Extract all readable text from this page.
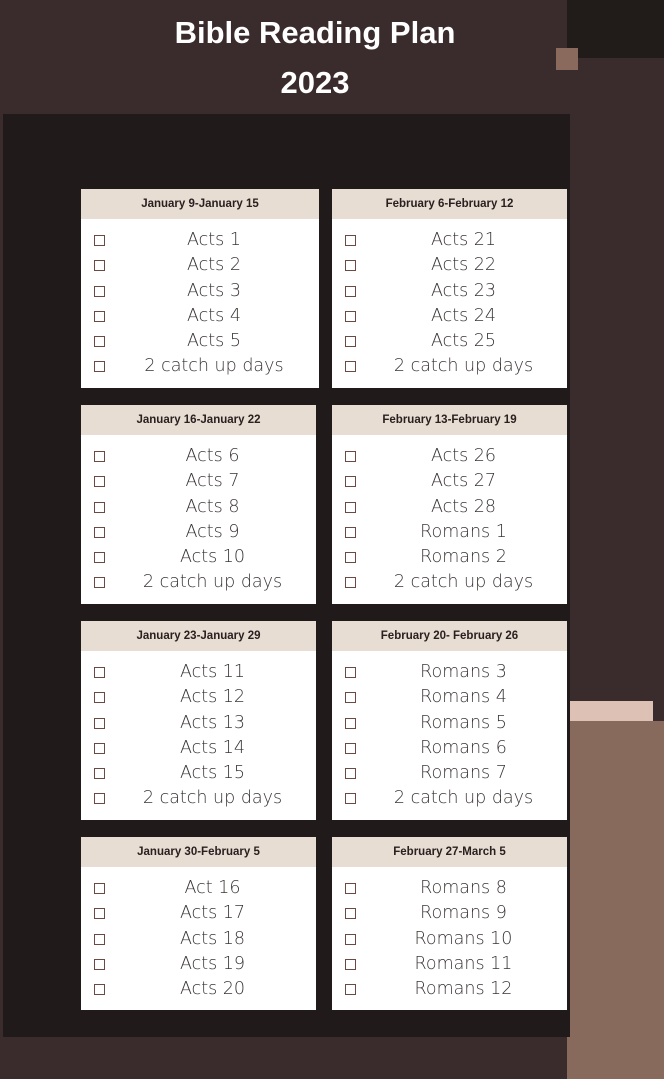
Bible Reading Plan
2023
January 9-January 15
Acts 1
Acts 2
Acts 3
Acts 4
Acts 5
2 catch up days
February 6-February 12
Acts 21
Acts 22
Acts 23
Acts 24
Acts 25
2 catch up days
January 16-January 22
Acts 6
Acts 7
Acts 8
Acts 9
Acts 10
2 catch up days
February 13-February 19
Acts 26
Acts 27
Acts 28
Romans 1
Romans 2
2 catch up days
January 23-January 29
Acts 11
Acts 12
Acts 13
Acts 14
Acts 15
2 catch up days
February 20- February 26
Romans 3
Romans 4
Romans 5
Romans 6
Romans 7
2 catch up days
January 30-February 5
Act 16
Acts 17
Acts 18
Acts 19
Acts 20
February 27-March 5
Romans 8
Romans 9
Romans 10
Romans 11
Romans 12
